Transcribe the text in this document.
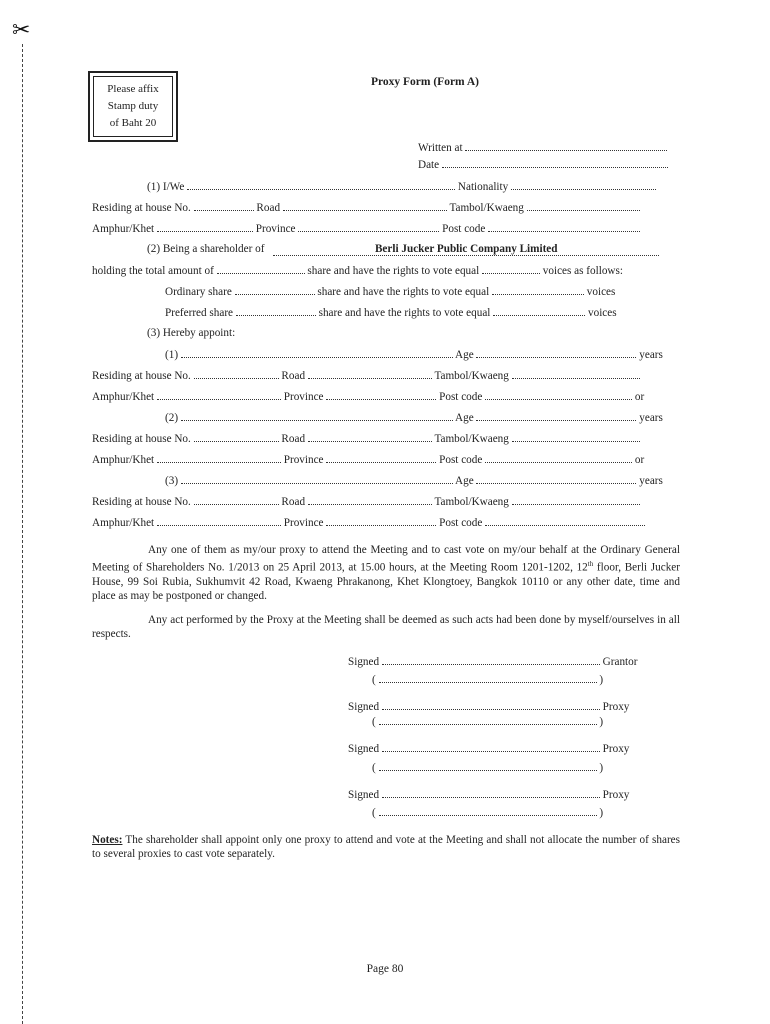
✂
Please affix
Stamp duty
of Baht 20
Proxy Form (Form A)
Written at
Date
(1) I/We	Nationality
Residing at house No.	Road	Tambol/Kwaeng
Amphur/Khet	Province	Post code
(2) Being a shareholder of	Berli Jucker Public Company Limited
holding the total amount of	share and have the rights to vote equal	voices as follows:
Ordinary share	share and have the rights to vote equal	voices
Preferred share	share and have the rights to vote equal	voices
(3) Hereby appoint:
(1)	Age	years
Residing at house No.	Road	Tambol/Kwaeng
Amphur/Khet	Province	Post code	or
(2)	Age	years
Residing at house No.	Road	Tambol/Kwaeng
Amphur/Khet	Province	Post code	or
(3)	Age	years
Residing at house No.	Road	Tambol/Kwaeng
Amphur/Khet	Province	Post code

Any one of them as my/our proxy to attend the Meeting and to cast vote on my/our behalf at the Ordinary General Meeting of Shareholders No. 1/2013 on 25 April 2013, at 15.00 hours, at the Meeting Room 1201-1202, 12th floor, Berli Jucker House, 99 Soi Rubia, Sukhumvit 42 Road, Kwaeng Phrakanong, Khet Klongtoey, Bangkok 10110 or any other date, time and place as may be postponed or changed.

Any act performed by the Proxy at the Meeting shall be deemed as such acts had been done by myself/ourselves in all respects.

Signed	Grantor
(	)
Signed	Proxy
(	)
Signed	Proxy
(	)
Signed	Proxy
(	)
Notes: The shareholder shall appoint only one proxy to attend and vote at the Meeting and shall not allocate the number of shares to several proxies to cast vote separately.
Page 80
